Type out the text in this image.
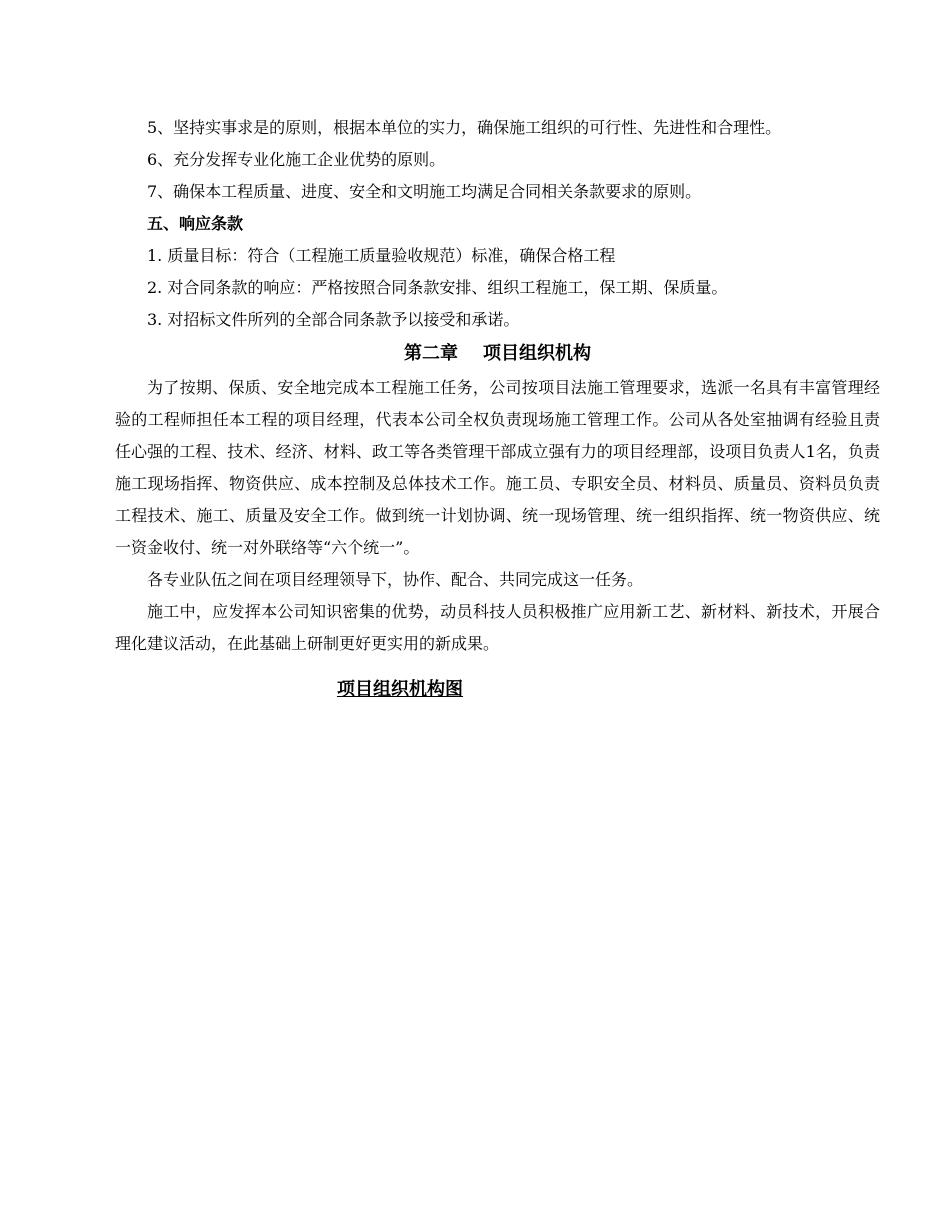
5、坚持实事求是的原则，根据本单位的实力，确保施工组织的可行性、先进性和合理性。

6、充分发挥专业化施工企业优势的原则。

7、确保本工程质量、进度、安全和文明施工均满足合同相关条款要求的原则。

五、响应条款

1. 质量目标：符合（工程施工质量验收规范）标准，确保合格工程

2. 对合同条款的响应：严格按照合同条款安排、组织工程施工，保工期、保质量。

3. 对招标文件所列的全部合同条款予以接受和承诺。

第二章    项目组织机构

为了按期、保质、安全地完成本工程施工任务，公司按项目法施工管理要求，选派一名具有丰富管理经验的工程师担任本工程的项目经理，代表本公司全权负责现场施工管理工作。公司从各处室抽调有经验且责任心强的工程、技术、经济、材料、政工等各类管理干部成立强有力的项目经理部，设项目负责人1名，负责施工现场指挥、物资供应、成本控制及总体技术工作。施工员、专职安全员、材料员、质量员、资料员负责工程技术、施工、质量及安全工作。做到统一计划协调、统一现场管理、统一组织指挥、统一物资供应、统一资金收付、统一对外联络等“六个统一”。

各专业队伍之间在项目经理领导下，协作、配合、共同完成这一任务。

施工中，应发挥本公司知识密集的优势，动员科技人员积极推广应用新工艺、新材料、新技术，开展合理化建议活动，在此基础上研制更好更实用的新成果。

项目组织机构图
